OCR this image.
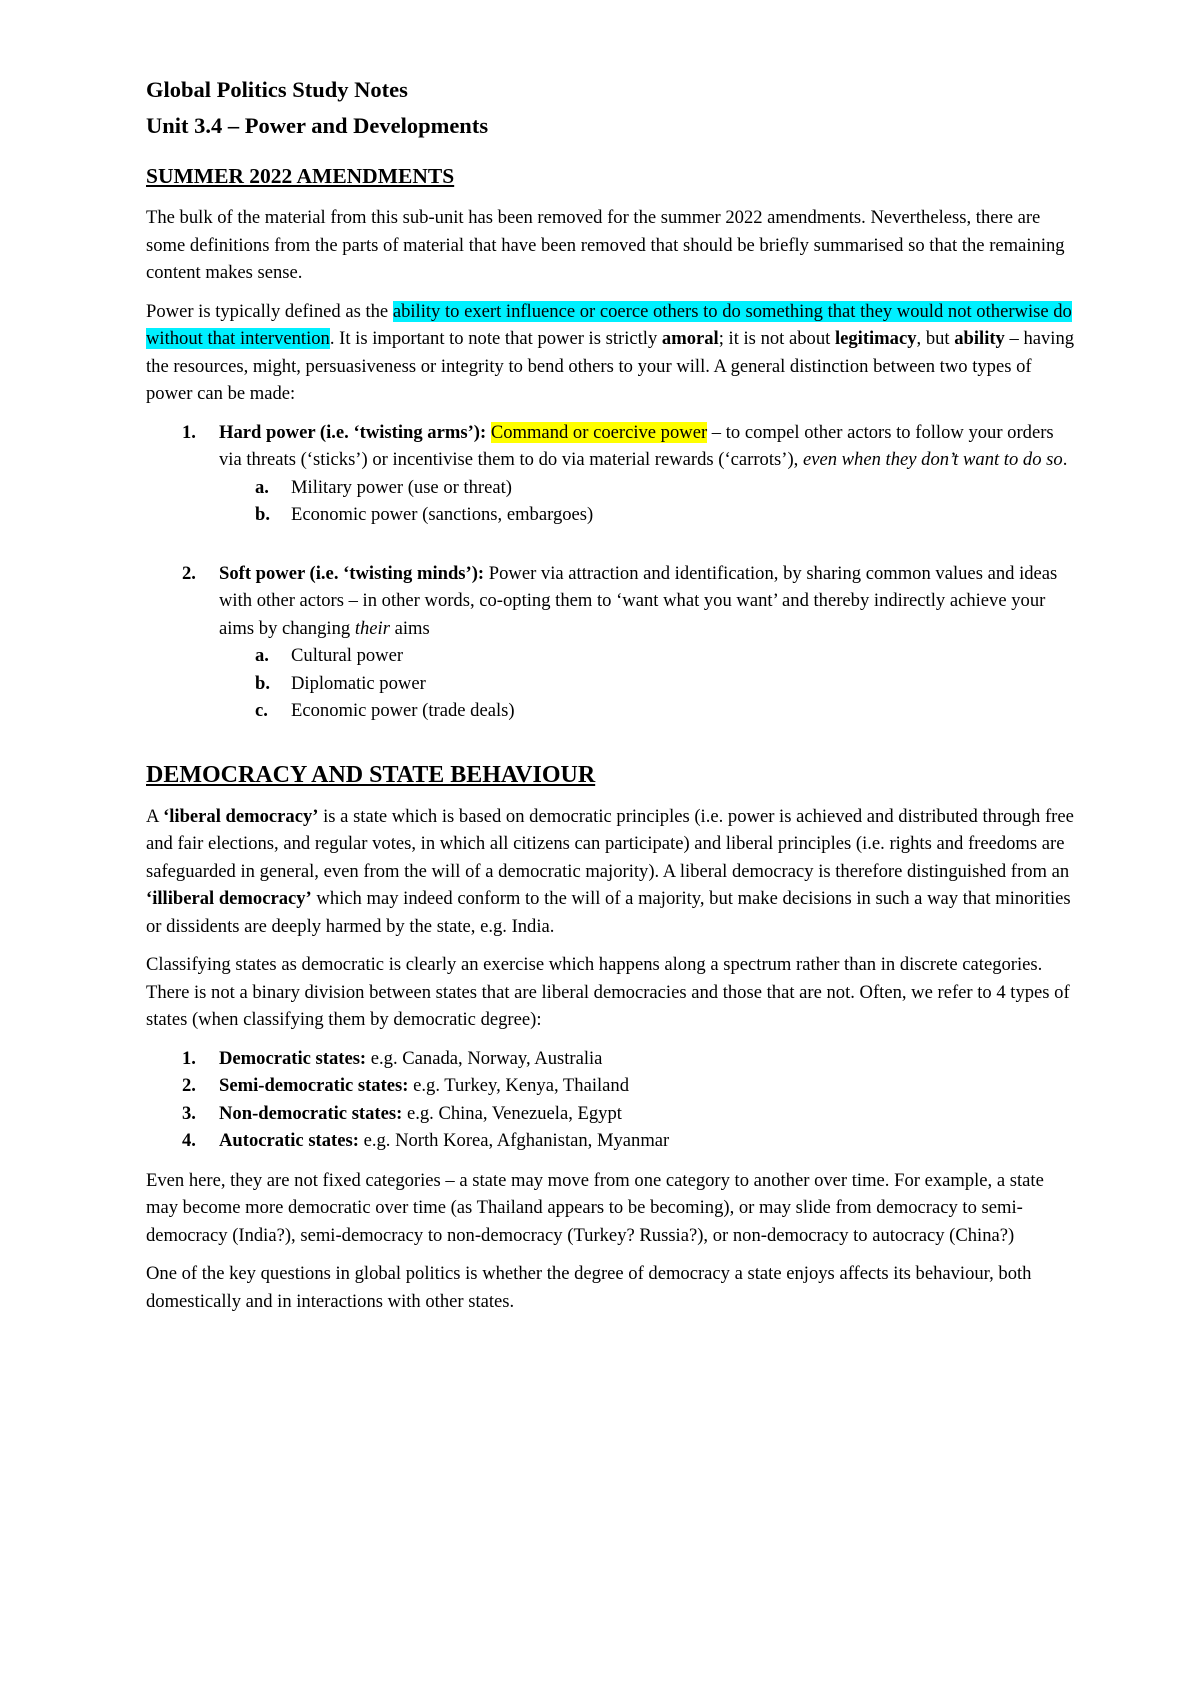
Global Politics Study Notes
Unit 3.4 – Power and Developments
SUMMER 2022 AMENDMENTS

The bulk of the material from this sub-unit has been removed for the summer 2022 amendments. Nevertheless, there are some definitions from the parts of material that have been removed that should be briefly summarised so that the remaining content makes sense.

Power is typically defined as the ability to exert influence or coerce others to do something that they would not otherwise do without that intervention. It is important to note that power is strictly amoral; it is not about legitimacy, but ability – having the resources, might, persuasiveness or integrity to bend others to your will. A general distinction between two types of power can be made:

1. Hard power (i.e. ‘twisting arms’): Command or coercive power – to compel other actors to follow your orders via threats (‘sticks’) or incentivise them to do via material rewards (‘carrots’), even when they don’t want to do so.
a. Military power (use or threat)
b. Economic power (sanctions, embargoes)
2. Soft power (i.e. ‘twisting minds’): Power via attraction and identification, by sharing common values and ideas with other actors – in other words, co-opting them to ‘want what you want’ and thereby indirectly achieve your aims by changing their aims
a. Cultural power
b. Diplomatic power
c. Economic power (trade deals)
DEMOCRACY AND STATE BEHAVIOUR

A ‘liberal democracy’ is a state which is based on democratic principles (i.e. power is achieved and distributed through free and fair elections, and regular votes, in which all citizens can participate) and liberal principles (i.e. rights and freedoms are safeguarded in general, even from the will of a democratic majority). A liberal democracy is therefore distinguished from an ‘illiberal democracy’ which may indeed conform to the will of a majority, but make decisions in such a way that minorities or dissidents are deeply harmed by the state, e.g. India.

Classifying states as democratic is clearly an exercise which happens along a spectrum rather than in discrete categories. There is not a binary division between states that are liberal democracies and those that are not. Often, we refer to 4 types of states (when classifying them by democratic degree):

1. Democratic states: e.g. Canada, Norway, Australia
2. Semi-democratic states: e.g. Turkey, Kenya, Thailand
3. Non-democratic states: e.g. China, Venezuela, Egypt
4. Autocratic states: e.g. North Korea, Afghanistan, Myanmar

Even here, they are not fixed categories – a state may move from one category to another over time. For example, a state may become more democratic over time (as Thailand appears to be becoming), or may slide from democracy to semi-democracy (India?), semi-democracy to non-democracy (Turkey? Russia?), or non-democracy to autocracy (China?)

One of the key questions in global politics is whether the degree of democracy a state enjoys affects its behaviour, both domestically and in interactions with other states.
